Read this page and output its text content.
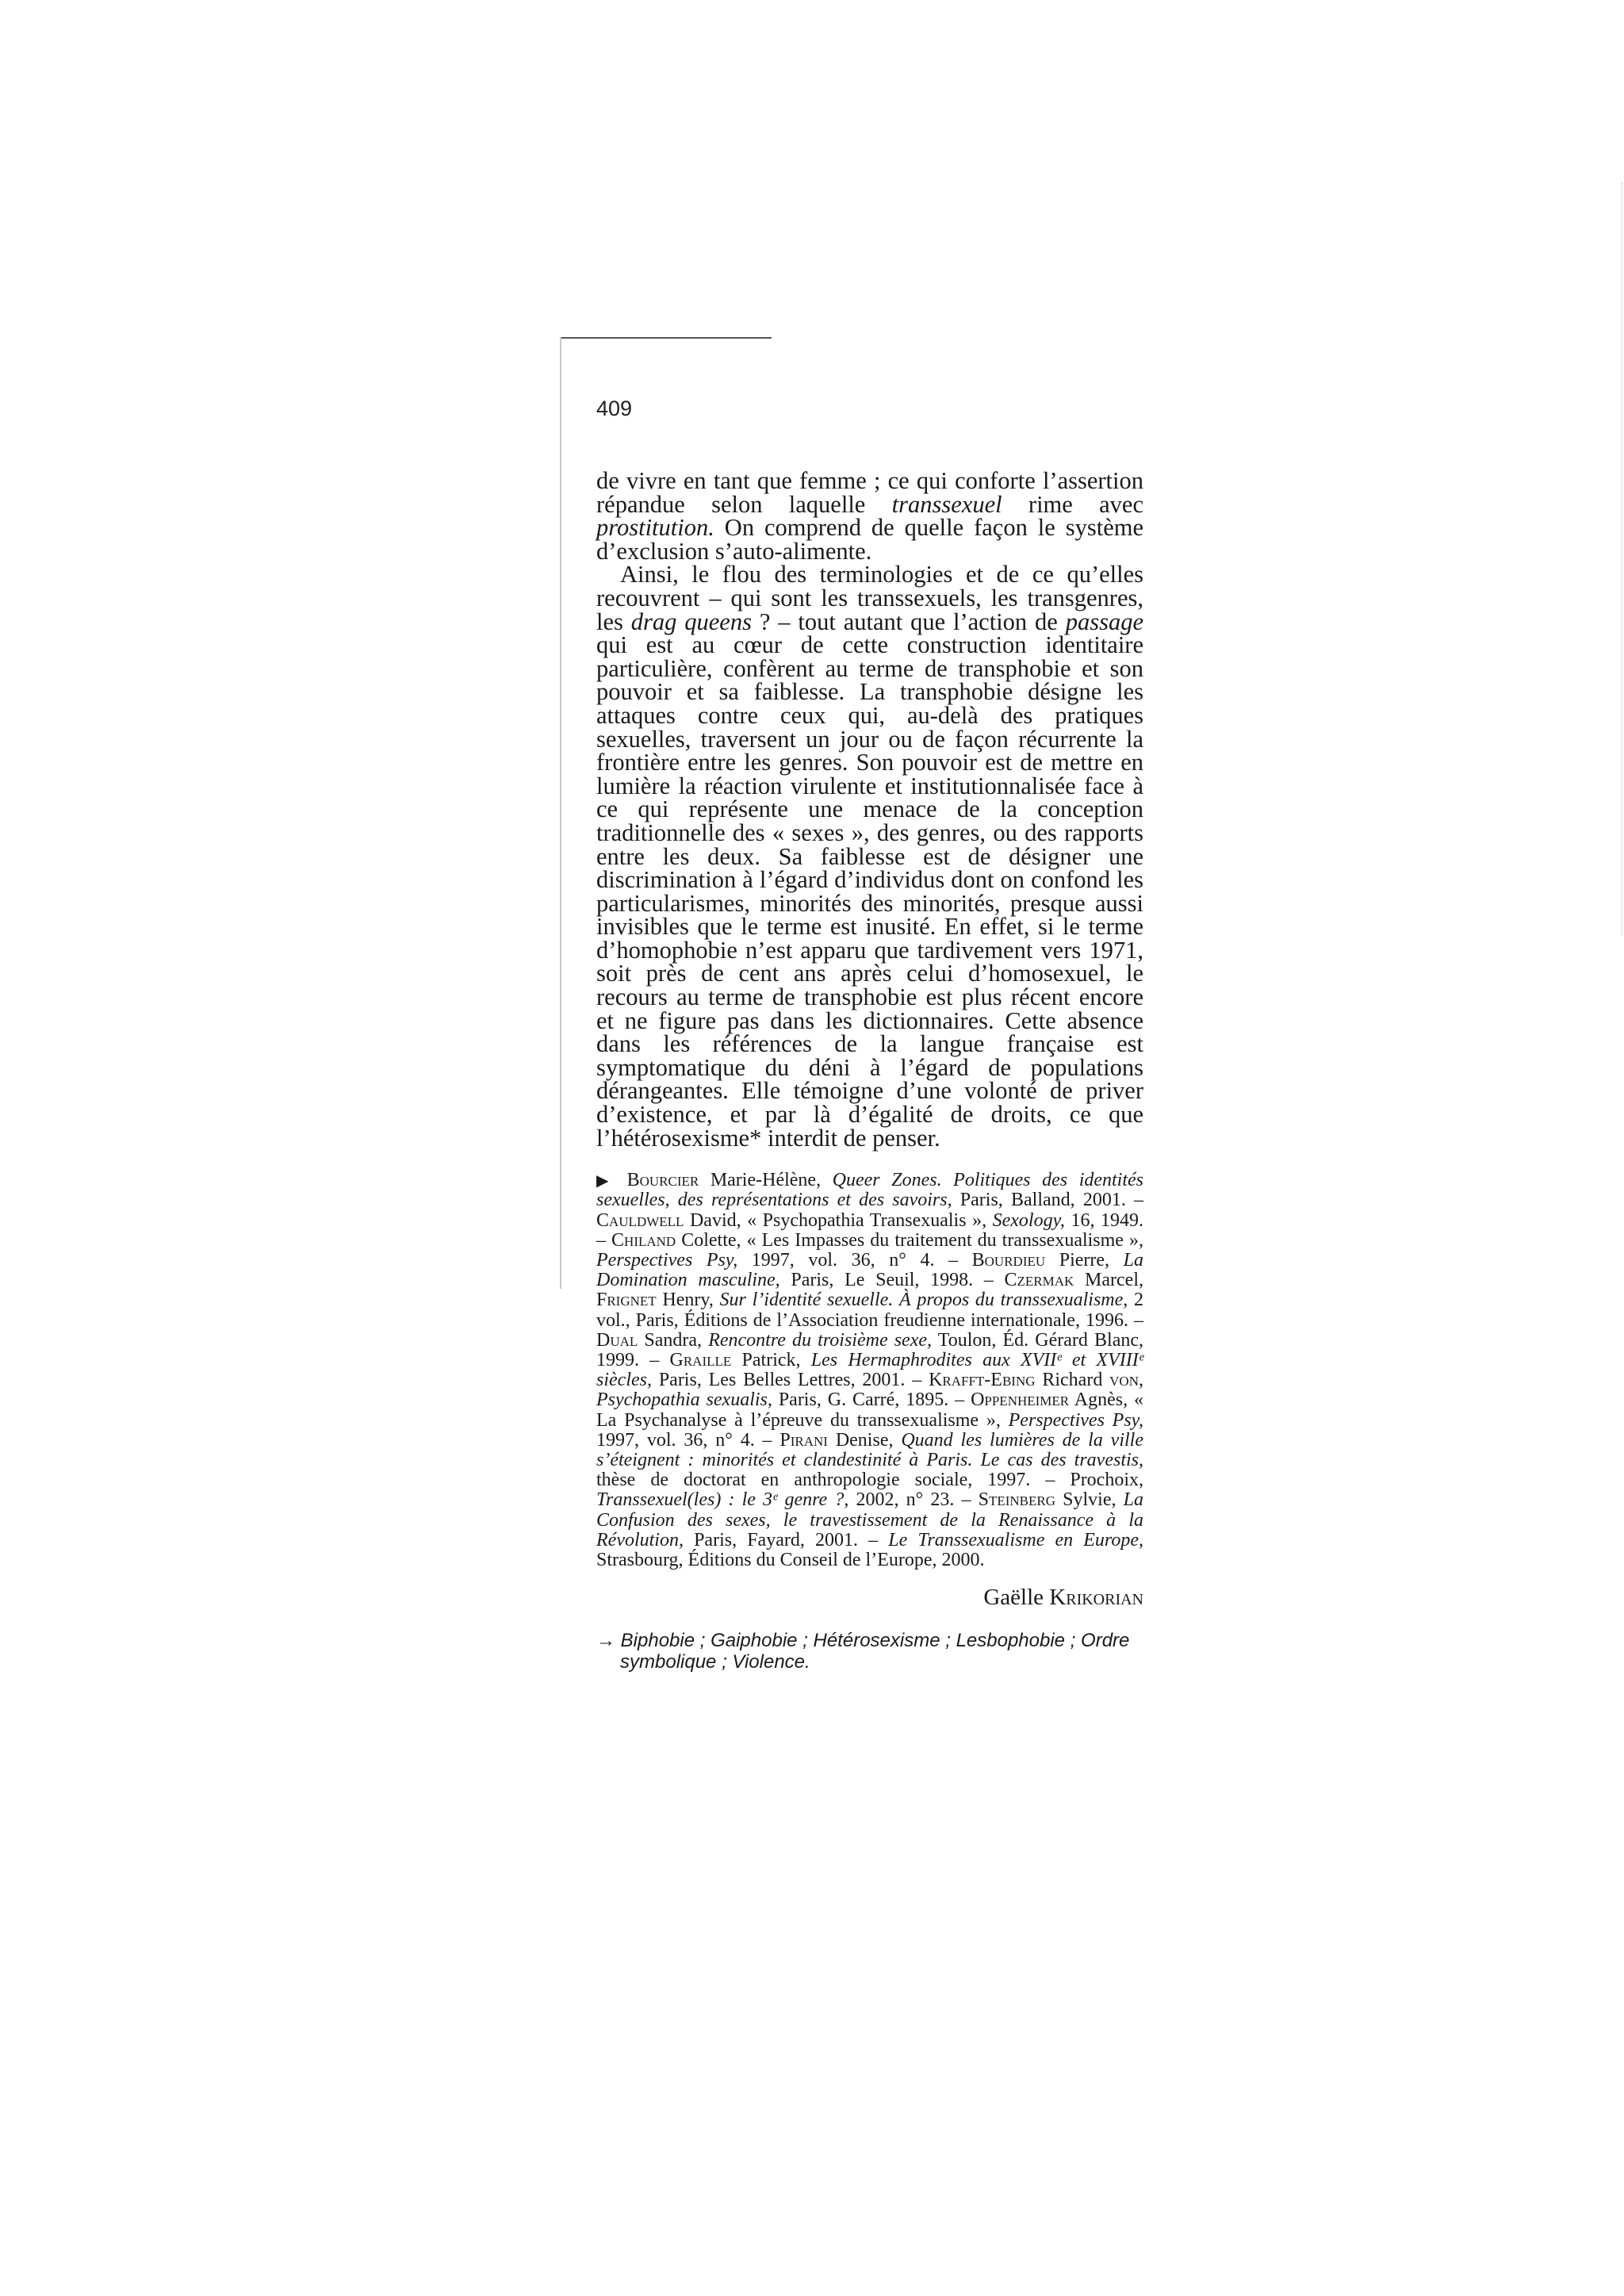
409

de vivre en tant que femme ; ce qui conforte l’assertion répandue selon laquelle transsexuel rime avec prostitution. On comprend de quelle façon le système d’exclusion s’auto-alimente.

Ainsi, le flou des terminologies et de ce qu’elles recouvrent – qui sont les transsexuels, les transgenres, les drag queens ? – tout autant que l’action de passage qui est au cœur de cette construction identitaire particulière, confèrent au terme de transphobie et son pouvoir et sa faiblesse. La transphobie désigne les attaques contre ceux qui, au-delà des pratiques sexuelles, traversent un jour ou de façon récurrente la frontière entre les genres. Son pouvoir est de mettre en lumière la réaction virulente et institutionnalisée face à ce qui représente une menace de la conception traditionnelle des « sexes », des genres, ou des rapports entre les deux. Sa faiblesse est de désigner une discrimination à l’égard d’individus dont on confond les particularismes, minorités des minorités, presque aussi invisibles que le terme est inusité. En effet, si le terme d’homophobie n’est apparu que tardivement vers 1971, soit près de cent ans après celui d’homosexuel, le recours au terme de transphobie est plus récent encore et ne figure pas dans les dictionnaires. Cette absence dans les références de la langue française est symptomatique du déni à l’égard de populations dérangeantes. Elle témoigne d’une volonté de priver d’existence, et par là d’égalité de droits, ce que l’hétérosexisme* interdit de penser.

▶ Bourcier Marie-Hélène, Queer Zones. Politiques des identités sexuelles, des représentations et des savoirs, Paris, Balland, 2001. – Cauldwell David, « Psychopathia Transexualis », Sexology, 16, 1949. – Chiland Colette, « Les Impasses du traitement du transsexualisme », Perspectives Psy, 1997, vol. 36, n° 4. – Bourdieu Pierre, La Domination masculine, Paris, Le Seuil, 1998. – Czermak Marcel, Frignet Henry, Sur l’identité sexuelle. À propos du transsexualisme, 2 vol., Paris, Éditions de l’Association freudienne internationale, 1996. – Dual Sandra, Rencontre du troisième sexe, Toulon, Éd. Gérard Blanc, 1999. – Graille Patrick, Les Hermaphrodites aux XVIIᵉ et XVIIIᵉ siècles, Paris, Les Belles Lettres, 2001. – Krafft-Ebing Richard von, Psychopathia sexualis, Paris, G. Carré, 1895. – Oppenheimer Agnès, « La Psychanalyse à l’épreuve du transsexualisme », Perspectives Psy, 1997, vol. 36, n° 4. – Pirani Denise, Quand les lumières de la ville s’éteignent : minorités et clandestinité à Paris. Le cas des travestis, thèse de doctorat en anthropologie sociale, 1997. – Prochoix, Transsexuel(les) : le 3ᵉ genre ?, 2002, n° 23. – Steinberg Sylvie, La Confusion des sexes, le travestissement de la Renaissance à la Révolution, Paris, Fayard, 2001. – Le Transsexualisme en Europe, Strasbourg, Éditions du Conseil de l’Europe, 2000.
Gaëlle Krikorian
→ Biphobie ; Gaiphobie ; Hétérosexisme ; Lesbophobie ; Ordre symbolique ; Violence.
